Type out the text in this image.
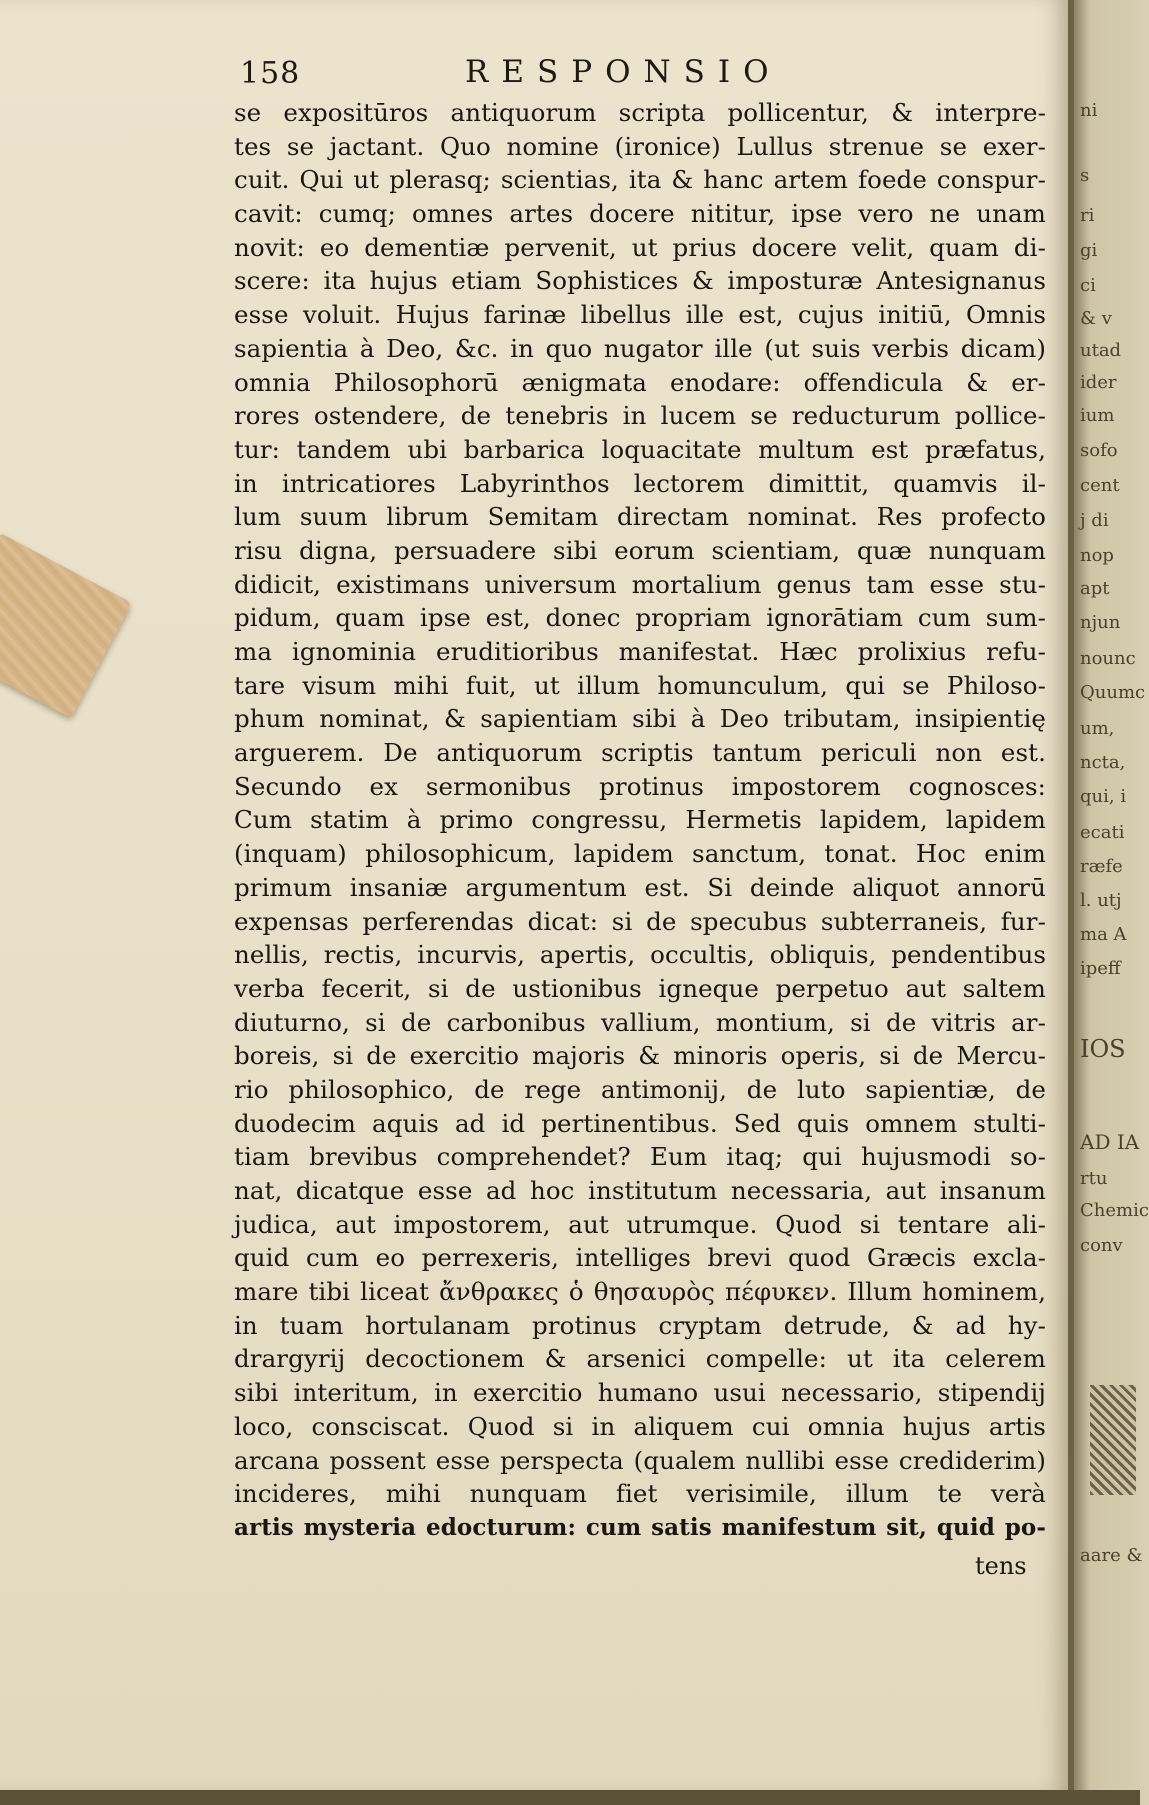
158	RESPONSIO
se expositūros antiquorum scripta pollicentur, & interpre-
tes se jactant. Quo nomine (ironice) Lullus strenue se exer-
cuit. Qui ut plerasq; scientias, ita & hanc artem foede conspur-
cavit: cumq; omnes artes docere nititur, ipse vero ne unam
novit: eo dementiæ pervenit, ut prius docere velit, quam di-
scere: ita hujus etiam Sophistices & imposturæ Antesignanus
esse voluit. Hujus farinæ libellus ille est, cujus initiū, Omnis
sapientia à Deo, &c. in quo nugator ille (ut suis verbis dicam)
omnia Philosophorū ænigmata enodare: offendicula & er-
rores ostendere, de tenebris in lucem se reducturum pollice-
tur: tandem ubi barbarica loquacitate multum est præfatus,
in intricatiores Labyrinthos lectorem dimittit, quamvis il-
lum suum librum Semitam directam nominat. Res profecto
risu digna, persuadere sibi eorum scientiam, quæ nunquam
didicit, existimans universum mortalium genus tam esse stu-
pidum, quam ipse est, donec propriam ignorātiam cum sum-
ma ignominia eruditioribus manifestat. Hæc prolixius refu-
tare visum mihi fuit, ut illum homunculum, qui se Philoso-
phum nominat, & sapientiam sibi à Deo tributam, insipientię
arguerem. De antiquorum scriptis tantum periculi non est.
Secundo ex sermonibus protinus impostorem cognosces:
Cum statim à primo congressu, Hermetis lapidem, lapidem
(inquam) philosophicum, lapidem sanctum, tonat. Hoc enim
primum insaniæ argumentum est. Si deinde aliquot annorū
expensas perferendas dicat: si de specubus subterraneis, fur-
nellis, rectis, incurvis, apertis, occultis, obliquis, pendentibus
verba fecerit, si de ustionibus igneque perpetuo aut saltem
diuturno, si de carbonibus vallium, montium, si de vitris ar-
boreis, si de exercitio majoris & minoris operis, si de Mercu-
rio philosophico, de rege antimonij, de luto sapientiæ, de
duodecim aquis ad id pertinentibus. Sed quis omnem stulti-
tiam brevibus comprehendet? Eum itaq; qui hujusmodi so-
nat, dicatque esse ad hoc institutum necessaria, aut insanum
judica, aut impostorem, aut utrumque. Quod si tentare ali-
quid cum eo perrexeris, intelliges brevi quod Græcis excla-
mare tibi liceat ἄνθρακες ὁ θησαυρὸς πέφυκεν. Illum hominem,
in tuam hortulanam protinus cryptam detrude, & ad hy-
drargyrij decoctionem & arsenici compelle: ut ita celerem
sibi interitum, in exercitio humano usui necessario, stipendij
loco, consciscat. Quod si in aliquem cui omnia hujus artis
arcana possent esse perspecta (qualem nullibi esse crediderim)
incideres, mihi nunquam fiet verisimile, illum te verà
artis mysteria edocturum: cum satis manifestum sit, quid po-
tens
ni
s
ri
gi
ci
& v
utad
ider
ium
sofo
cent
j di
nop
apt
njun
nounc
Quumc
um,
ncta,
qui, i
ecati
ræfe
l. utj
ma A
ipeff
IOS
AD IA
rtu
Chemic
conv
aare &
